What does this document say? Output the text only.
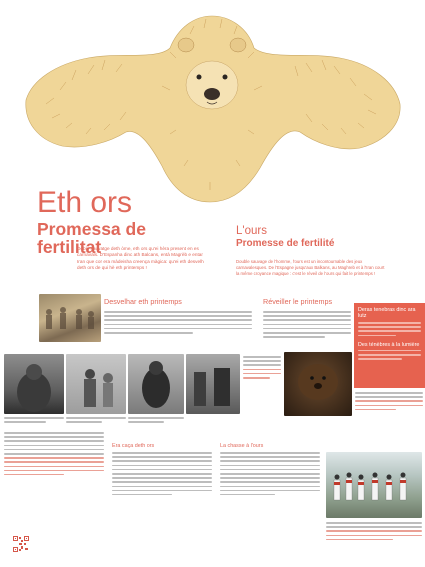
Eth ors
Promessa de fertilitat

Doble sauvatge deth òme, eth ors qu'ei hèra present en es carnavals. D'Espanha dinc ath Balcans, entà Magrèb e entar Iran que cor era màdeisha creença màgica: qu'ei eth desvelh deth ors de qui hè eth printemps !

L'ours
Promesse de fertilité

Double sauvage de l'homme, l'ours est un incontournable des jeux carnavalesques. De l'Espagne jusqu'aux Balkans, au Maghreb et à l'Iran court la même croyance magique : c'est le réveil de l'ours qui fait le printemps !

Desvelhar eth printemps	Réveiller le printemps
Deras tenebras dinc ara lutz
Des ténèbres à la lumière
Era caça deth ors	La chasse à l'ours
